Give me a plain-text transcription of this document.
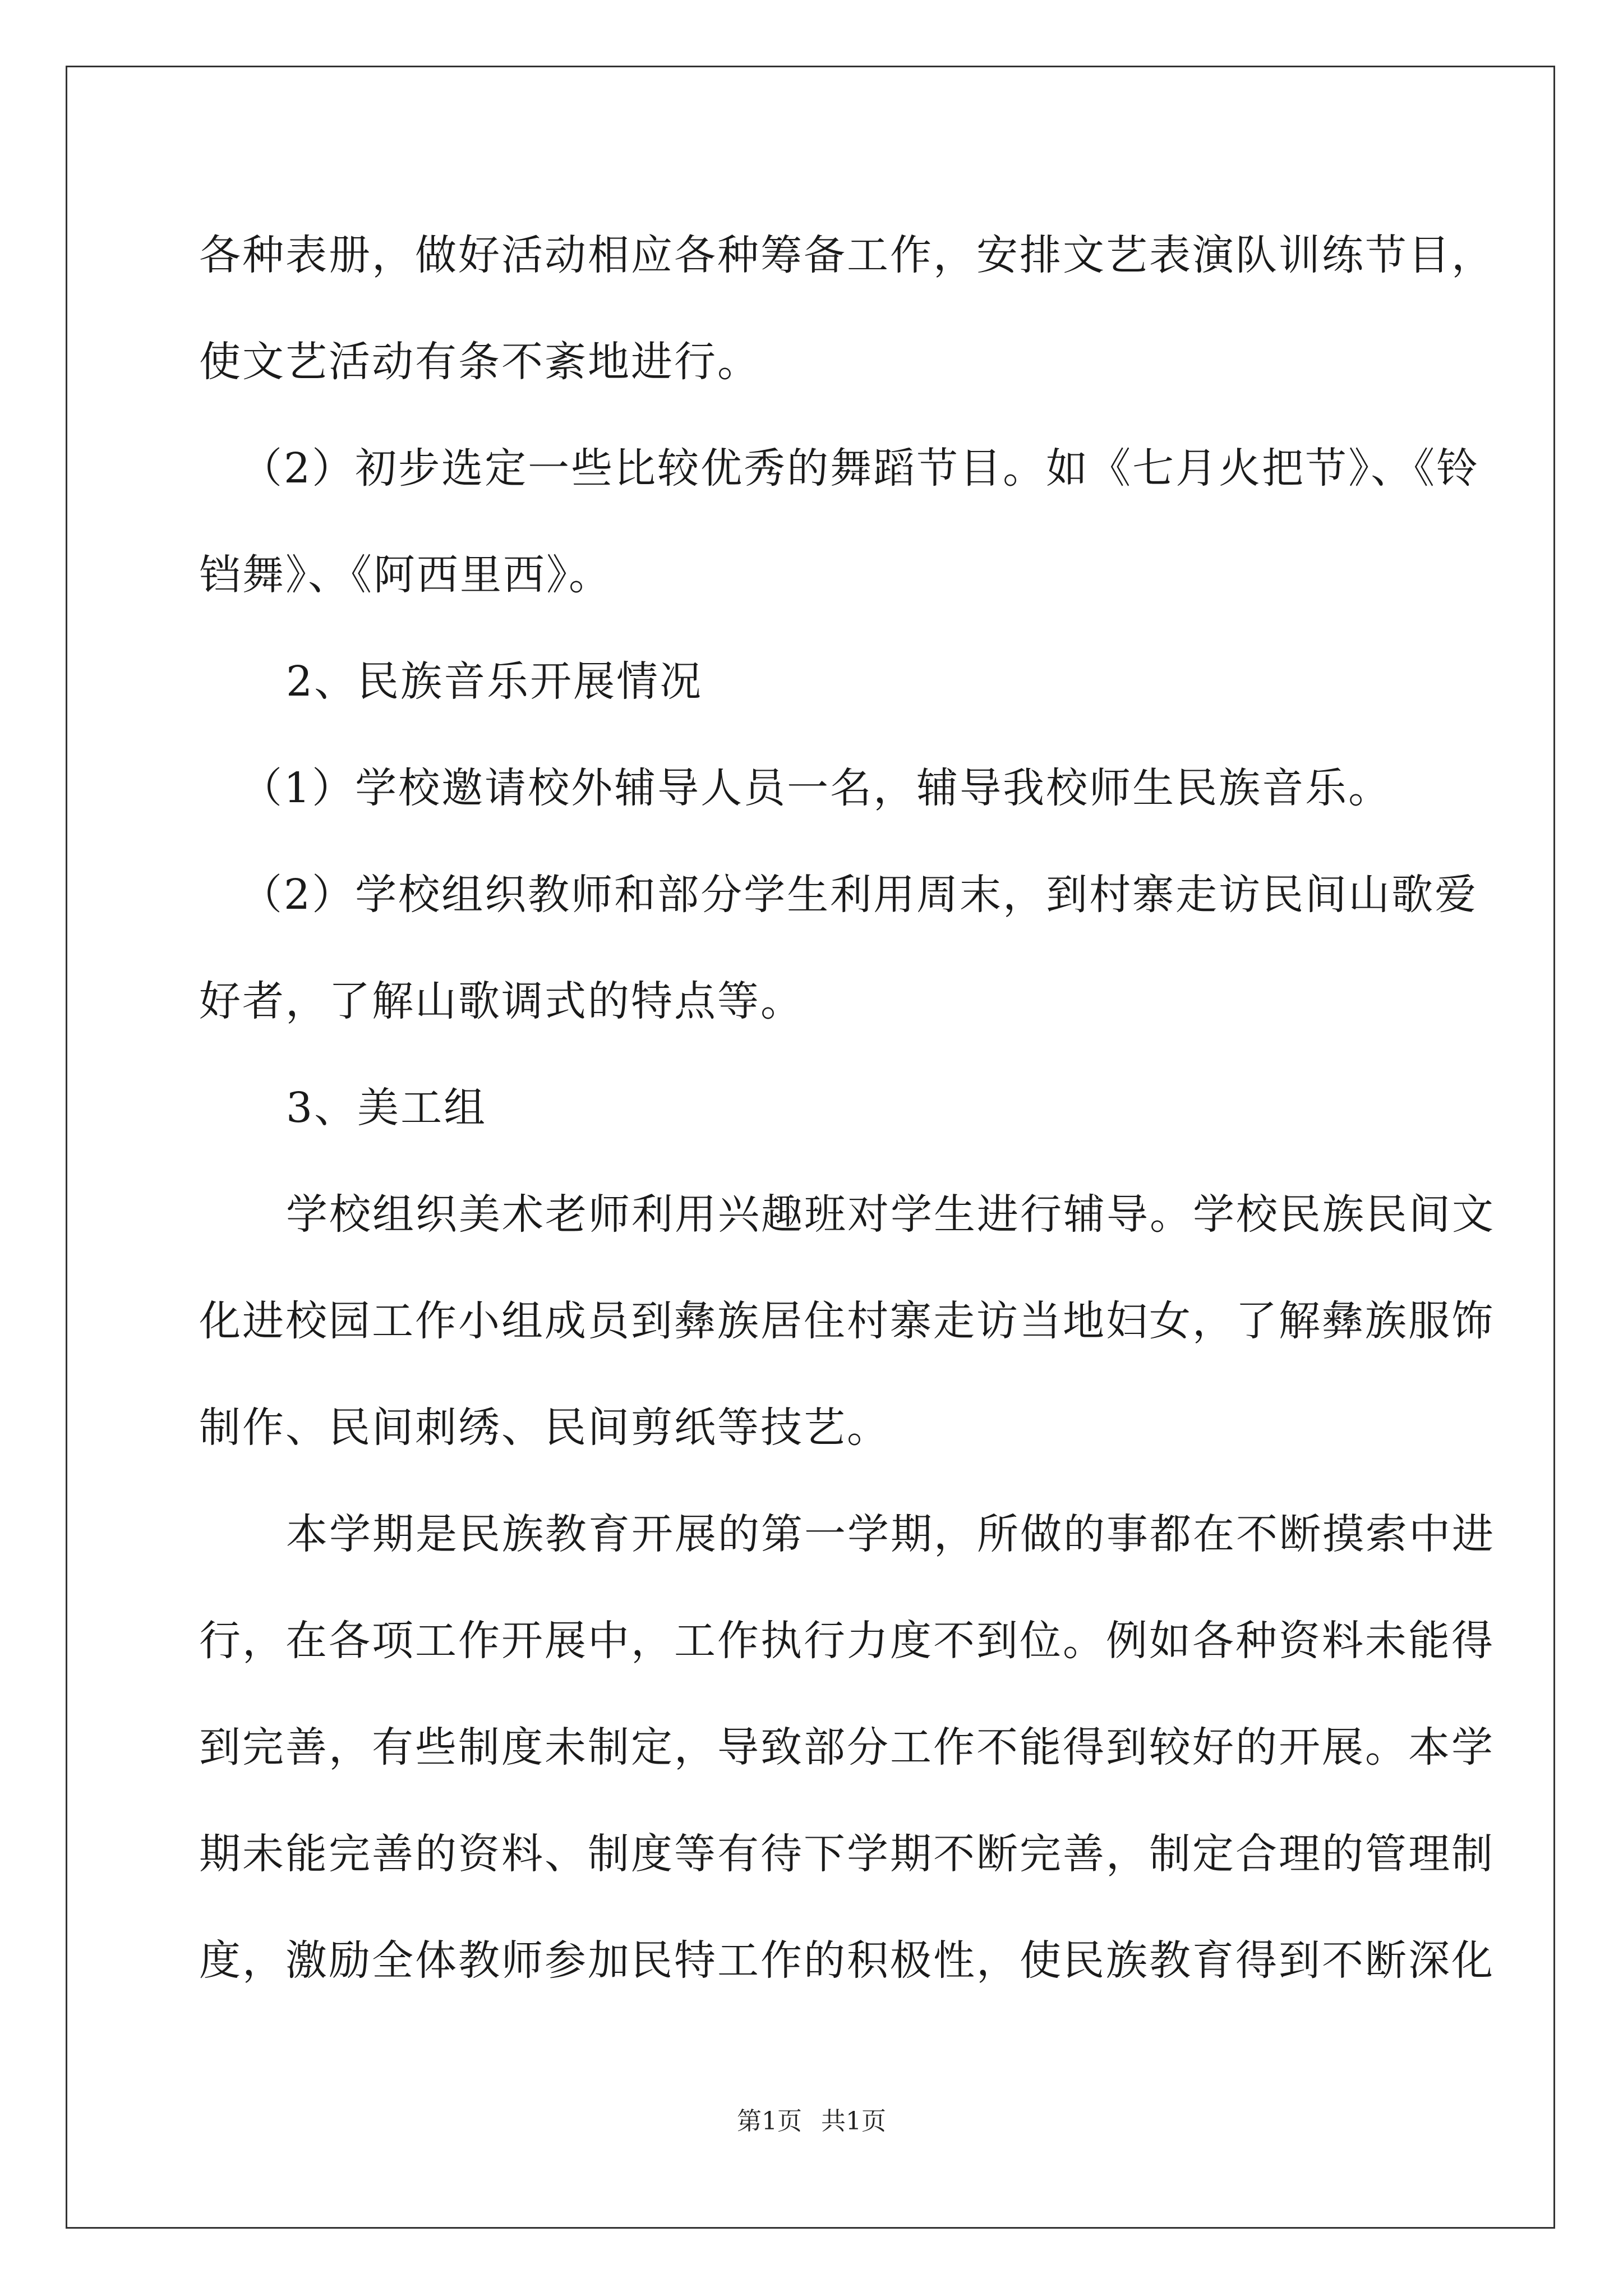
各种表册，做好活动相应各种筹备工作，安排文艺表演队训练节目，
使文艺活动有条不紊地进行。
（2）初步选定一些比较优秀的舞蹈节目。如《七月火把节》、《铃
铛舞》、《阿西里西》。
2、民族音乐开展情况
（1）学校邀请校外辅导人员一名，辅导我校师生民族音乐。
（2）学校组织教师和部分学生利用周末，到村寨走访民间山歌爱
好者，了解山歌调式的特点等。
3、美工组
学校组织美术老师利用兴趣班对学生进行辅导。学校民族民间文
化进校园工作小组成员到彝族居住村寨走访当地妇女，了解彝族服饰
制作、民间刺绣、民间剪纸等技艺。
本学期是民族教育开展的第一学期，所做的事都在不断摸索中进
行，在各项工作开展中，工作执行力度不到位。例如各种资料未能得
到完善，有些制度未制定，导致部分工作不能得到较好的开展。本学
期未能完善的资料、制度等有待下学期不断完善，制定合理的管理制
度，激励全体教师参加民特工作的积极性，使民族教育得到不断深化
第1页 共1页
